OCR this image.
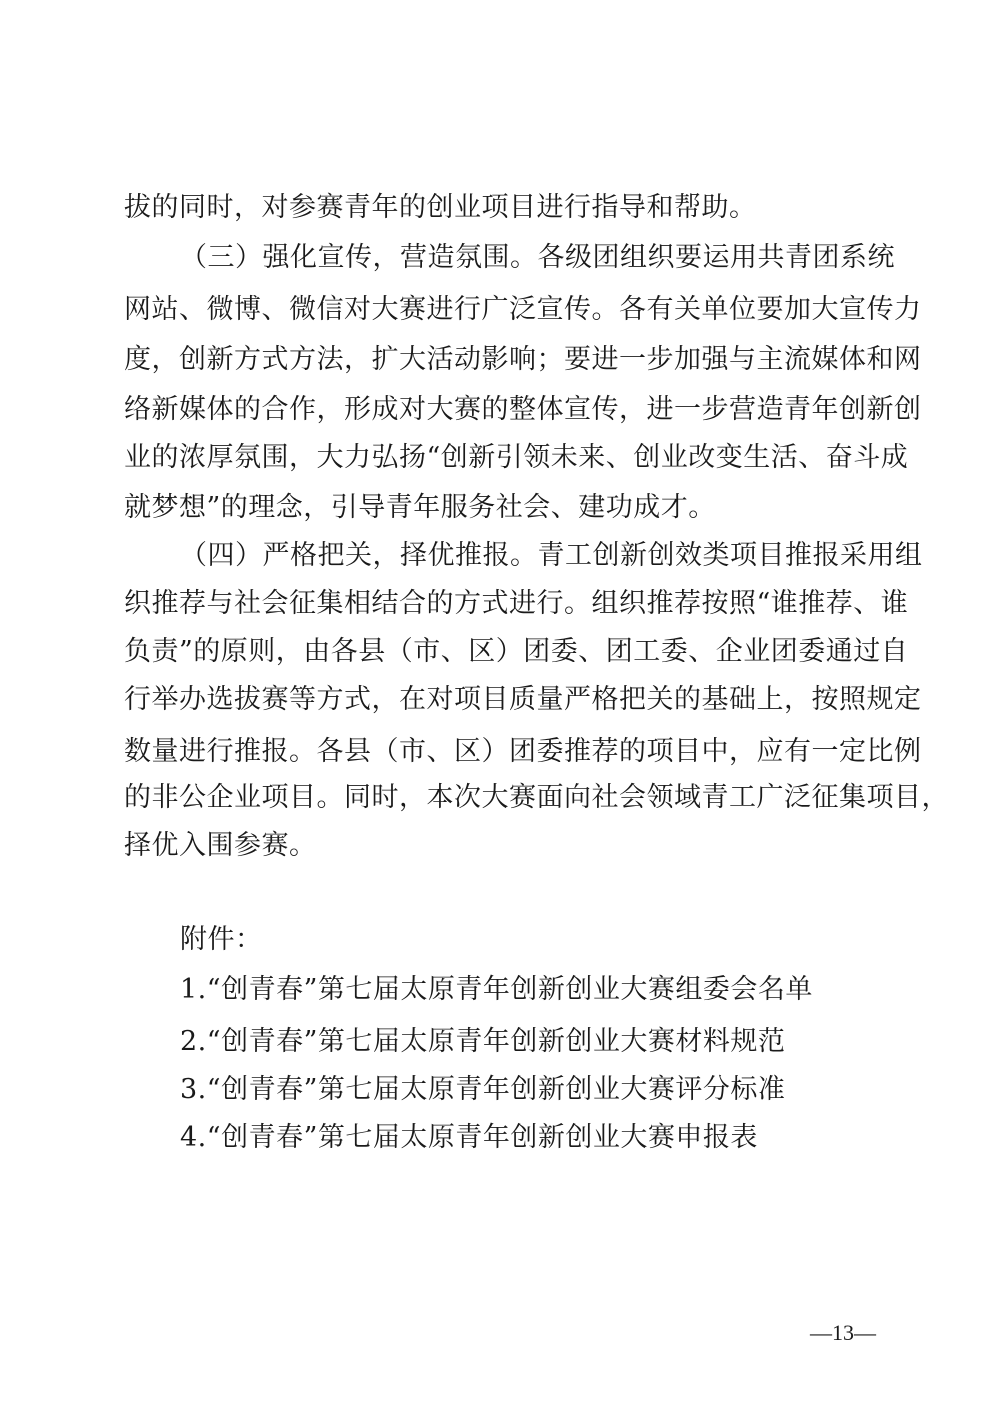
拔的同时，对参赛青年的创业项目进行指导和帮助。
（三）强化宣传，营造氛围。各级团组织要运用共青团系统
网站、微博、微信对大赛进行广泛宣传。各有关单位要加大宣传力
度，创新方式方法，扩大活动影响；要进一步加强与主流媒体和网
络新媒体的合作，形成对大赛的整体宣传，进一步营造青年创新创
业的浓厚氛围，大力弘扬“创新引领未来、创业改变生活、奋斗成
就梦想”的理念，引导青年服务社会、建功成才。
（四）严格把关，择优推报。青工创新创效类项目推报采用组
织推荐与社会征集相结合的方式进行。组织推荐按照“谁推荐、谁
负责”的原则，由各县（市、区）团委、团工委、企业团委通过自
行举办选拔赛等方式，在对项目质量严格把关的基础上，按照规定
数量进行推报。各县（市、区）团委推荐的项目中，应有一定比例
的非公企业项目。同时，本次大赛面向社会领域青工广泛征集项目，
择优入围参赛。
附件：
1.“创青春”第七届太原青年创新创业大赛组委会名单
2.“创青春”第七届太原青年创新创业大赛材料规范
3.“创青春”第七届太原青年创新创业大赛评分标准
4.“创青春”第七届太原青年创新创业大赛申报表
—13—
